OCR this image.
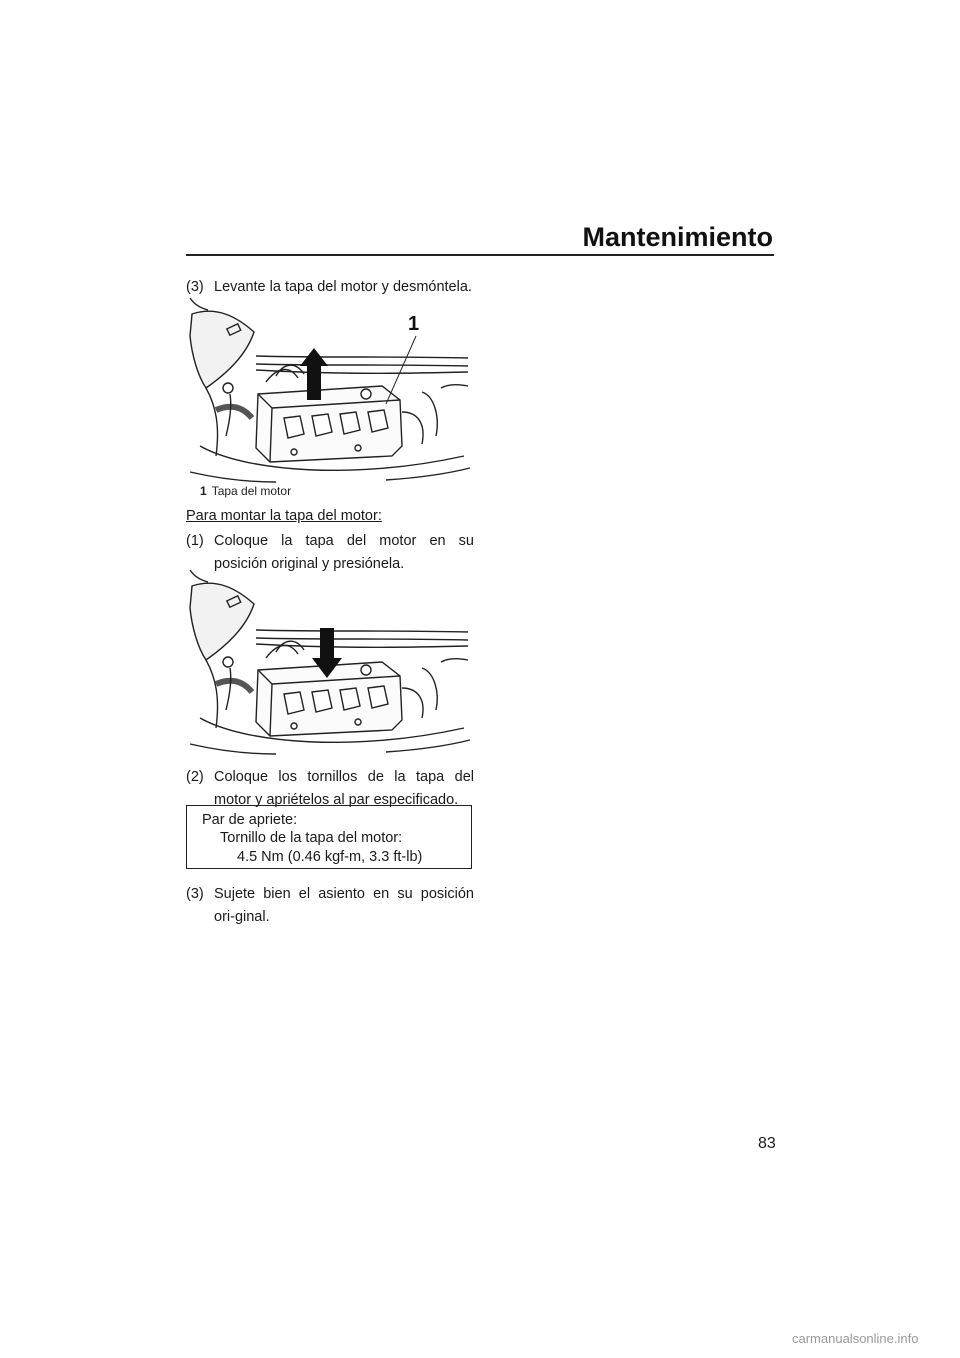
Mantenimiento
(3) Levante la tapa del motor y desmóntela.
1
1 Tapa del motor
Para montar la tapa del motor:
(1) Coloque la tapa del motor en su posición original y presiónela.
(2) Coloque los tornillos de la tapa del motor y apriételos al par especificado.
Par de apriete:
Tornillo de la tapa del motor:
4.5 Nm (0.46 kgf-m, 3.3 ft-lb)
(3) Sujete bien el asiento en su posición ori-ginal.
83
carmanualsonline.info
